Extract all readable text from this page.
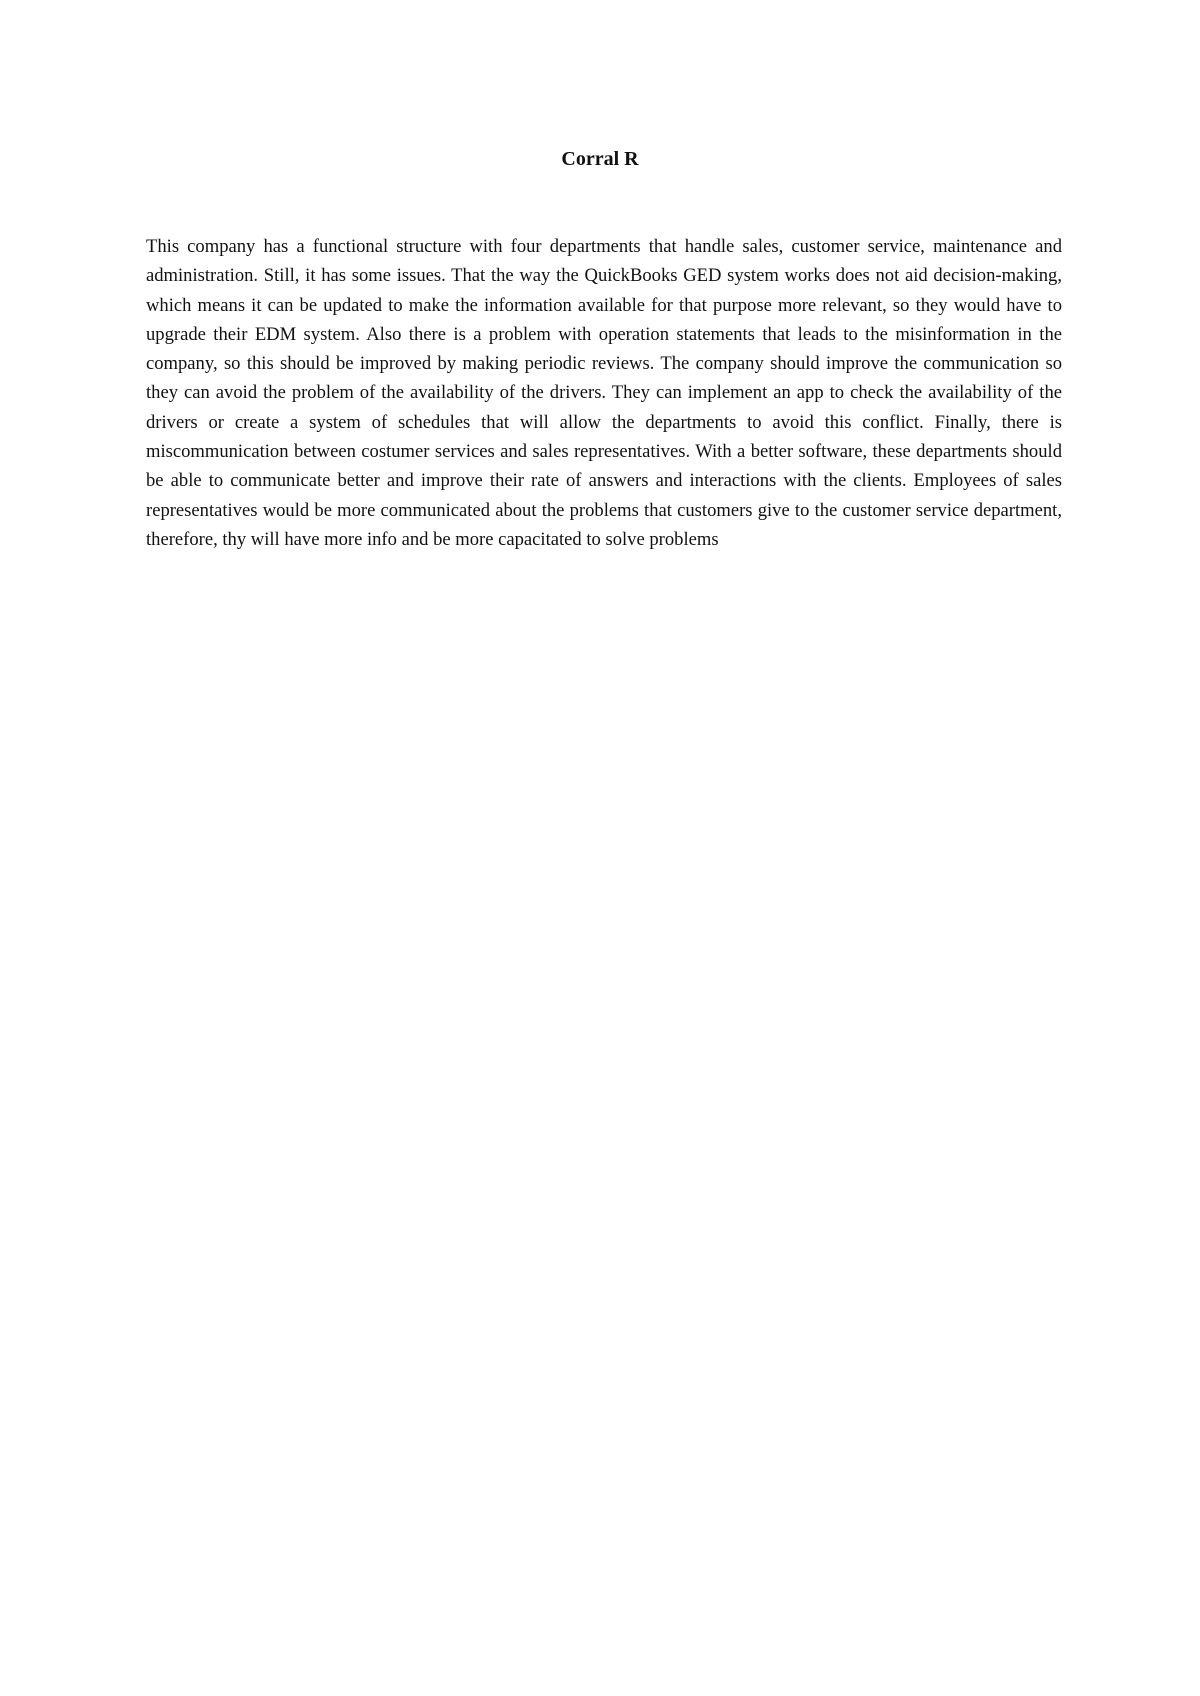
Corral R

This company has a functional structure with four departments that handle sales, customer service, maintenance and administration. Still, it has some issues. That the way the QuickBooks GED system works does not aid decision-making, which means it can be updated to make the information available for that purpose more relevant, so they would have to upgrade their EDM system. Also there is a problem with operation statements that leads to the misinformation in the company, so this should be improved by making periodic reviews. The company should improve the communication so they can avoid the problem of the availability of the drivers. They can implement an app to check the availability of the drivers or create a system of schedules that will allow the departments to avoid this conflict. Finally, there is miscommunication between costumer services and sales representatives. With a better software, these departments should be able to communicate better and improve their rate of answers and interactions with the clients. Employees of sales representatives would be more communicated about the problems that customers give to the customer service department, therefore, thy will have more info and be more capacitated to solve problems
